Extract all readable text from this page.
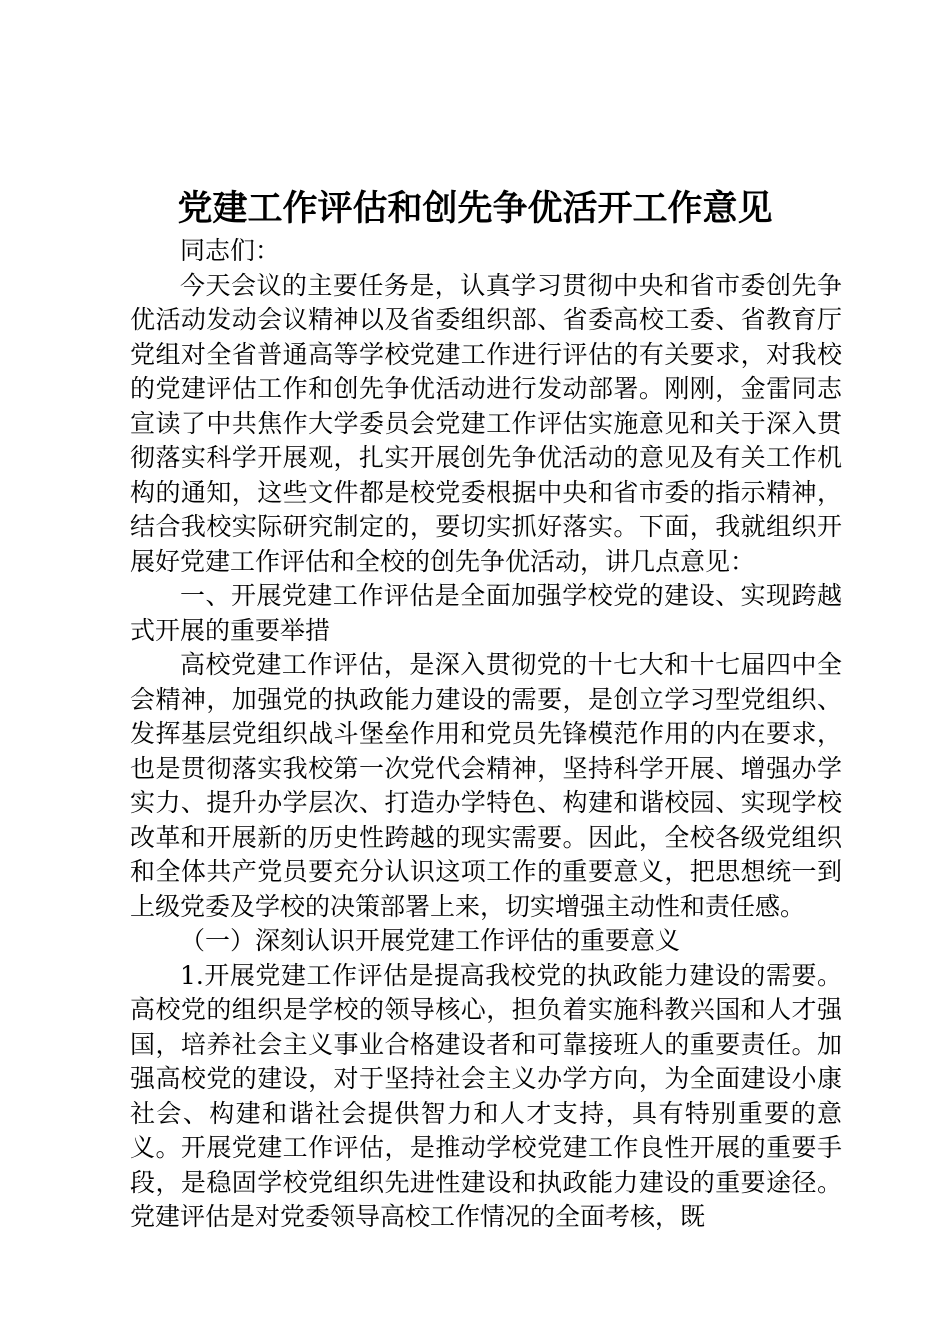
党建工作评估和创先争优活开工作意见

同志们：

今天会议的主要任务是，认真学习贯彻中央和省市委创先争优活动发动会议精神以及省委组织部、省委高校工委、省教育厅党组对全省普通高等学校党建工作进行评估的有关要求，对我校的党建评估工作和创先争优活动进行发动部署。刚刚，金雷同志宣读了中共焦作大学委员会党建工作评估实施意见和关于深入贯彻落实科学开展观，扎实开展创先争优活动的意见及有关工作机构的通知，这些文件都是校党委根据中央和省市委的指示精神，结合我校实际研究制定的，要切实抓好落实。下面，我就组织开展好党建工作评估和全校的创先争优活动，讲几点意见：

一、开展党建工作评估是全面加强学校党的建设、实现跨越式开展的重要举措

高校党建工作评估，是深入贯彻党的十七大和十七届四中全会精神，加强党的执政能力建设的需要，是创立学习型党组织、发挥基层党组织战斗堡垒作用和党员先锋模范作用的内在要求，也是贯彻落实我校第一次党代会精神，坚持科学开展、增强办学实力、提升办学层次、打造办学特色、构建和谐校园、实现学校改革和开展新的历史性跨越的现实需要。因此，全校各级党组织和全体共产党员要充分认识这项工作的重要意义，把思想统一到上级党委及学校的决策部署上来，切实增强主动性和责任感。

（一）深刻认识开展党建工作评估的重要意义

1.开展党建工作评估是提高我校党的执政能力建设的需要。高校党的组织是学校的领导核心，担负着实施科教兴国和人才强国，培养社会主义事业合格建设者和可靠接班人的重要责任。加强高校党的建设，对于坚持社会主义办学方向，为全面建设小康社会、构建和谐社会提供智力和人才支持，具有特别重要的意义。开展党建工作评估，是推动学校党建工作良性开展的重要手段，是稳固学校党组织先进性建设和执政能力建设的重要途径。党建评估是对党委领导高校工作情况的全面考核，既
